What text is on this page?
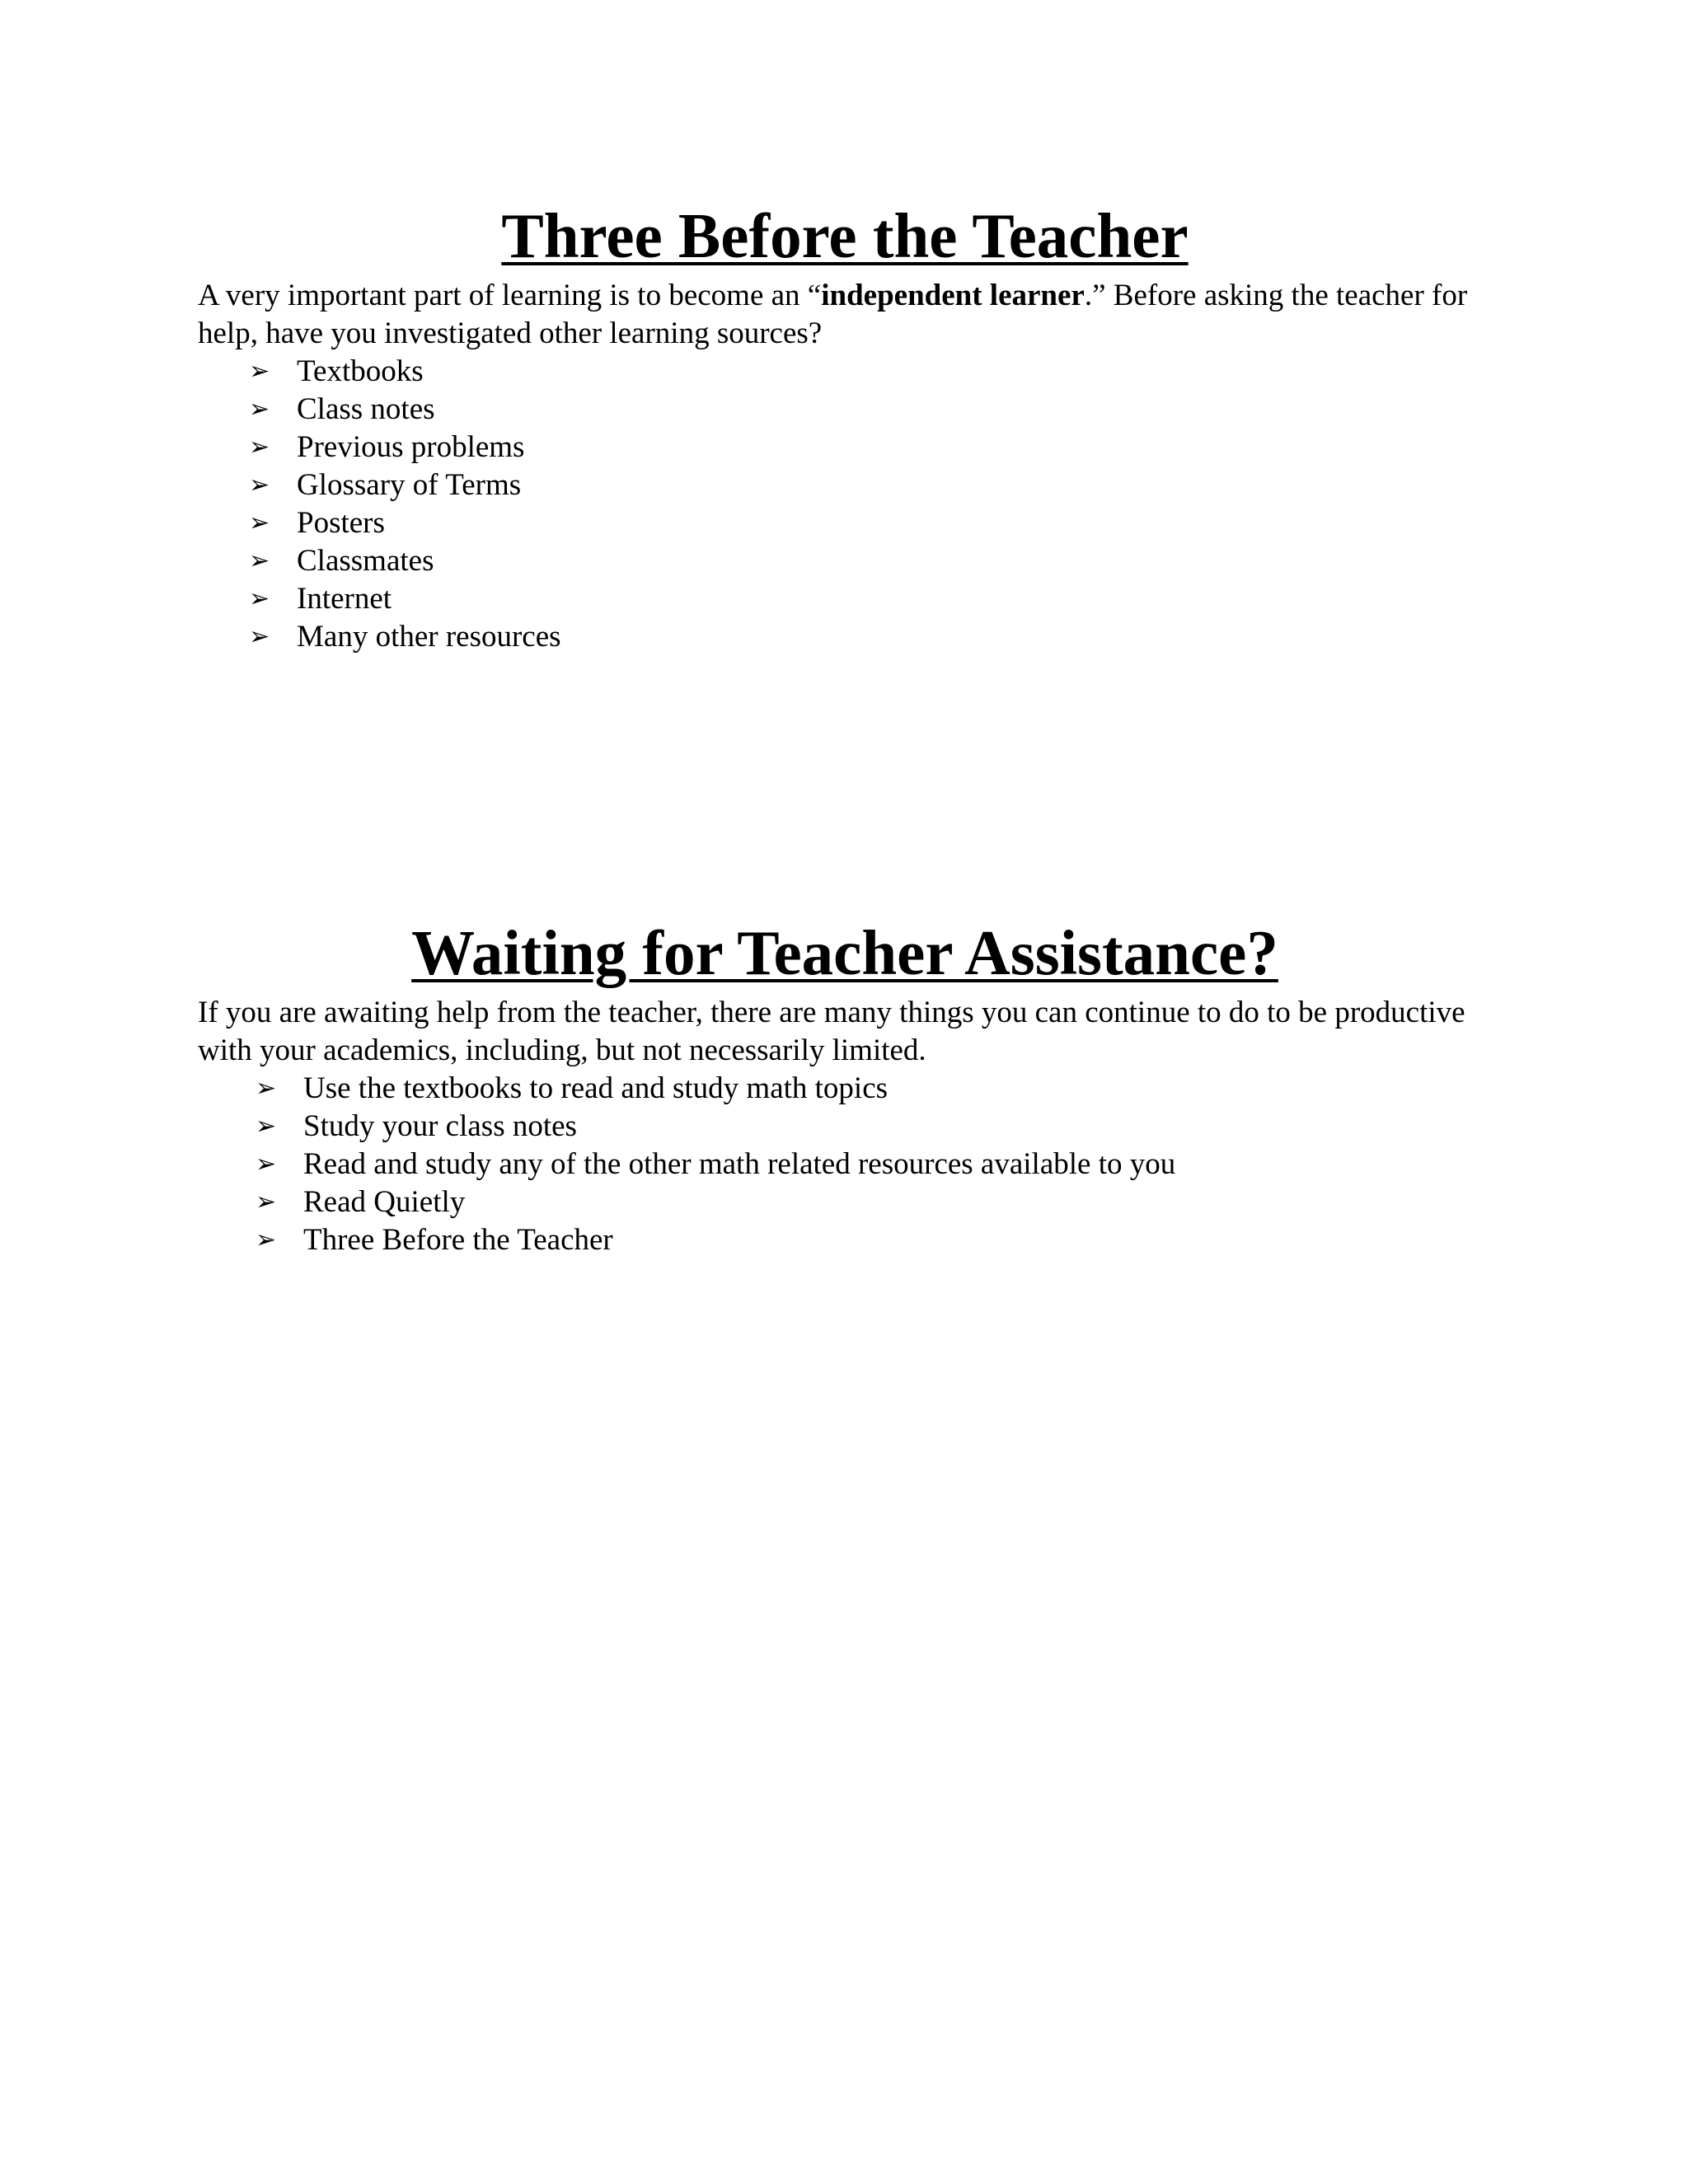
Three Before the Teacher

A very important part of learning is to become an “independent learner.” Before asking the teacher for help, have you investigated other learning sources?

➢ Textbooks
➢ Class notes
➢ Previous problems
➢ Glossary of Terms
➢ Posters
➢ Classmates
➢ Internet
➢ Many other resources
Waiting for Teacher Assistance?

If you are awaiting help from the teacher, there are many things you can continue to do to be productive with your academics, including, but not necessarily limited.

➢ Use the textbooks to read and study math topics
➢ Study your class notes
➢ Read and study any of the other math related resources available to you
➢ Read Quietly
➢ Three Before the Teacher
